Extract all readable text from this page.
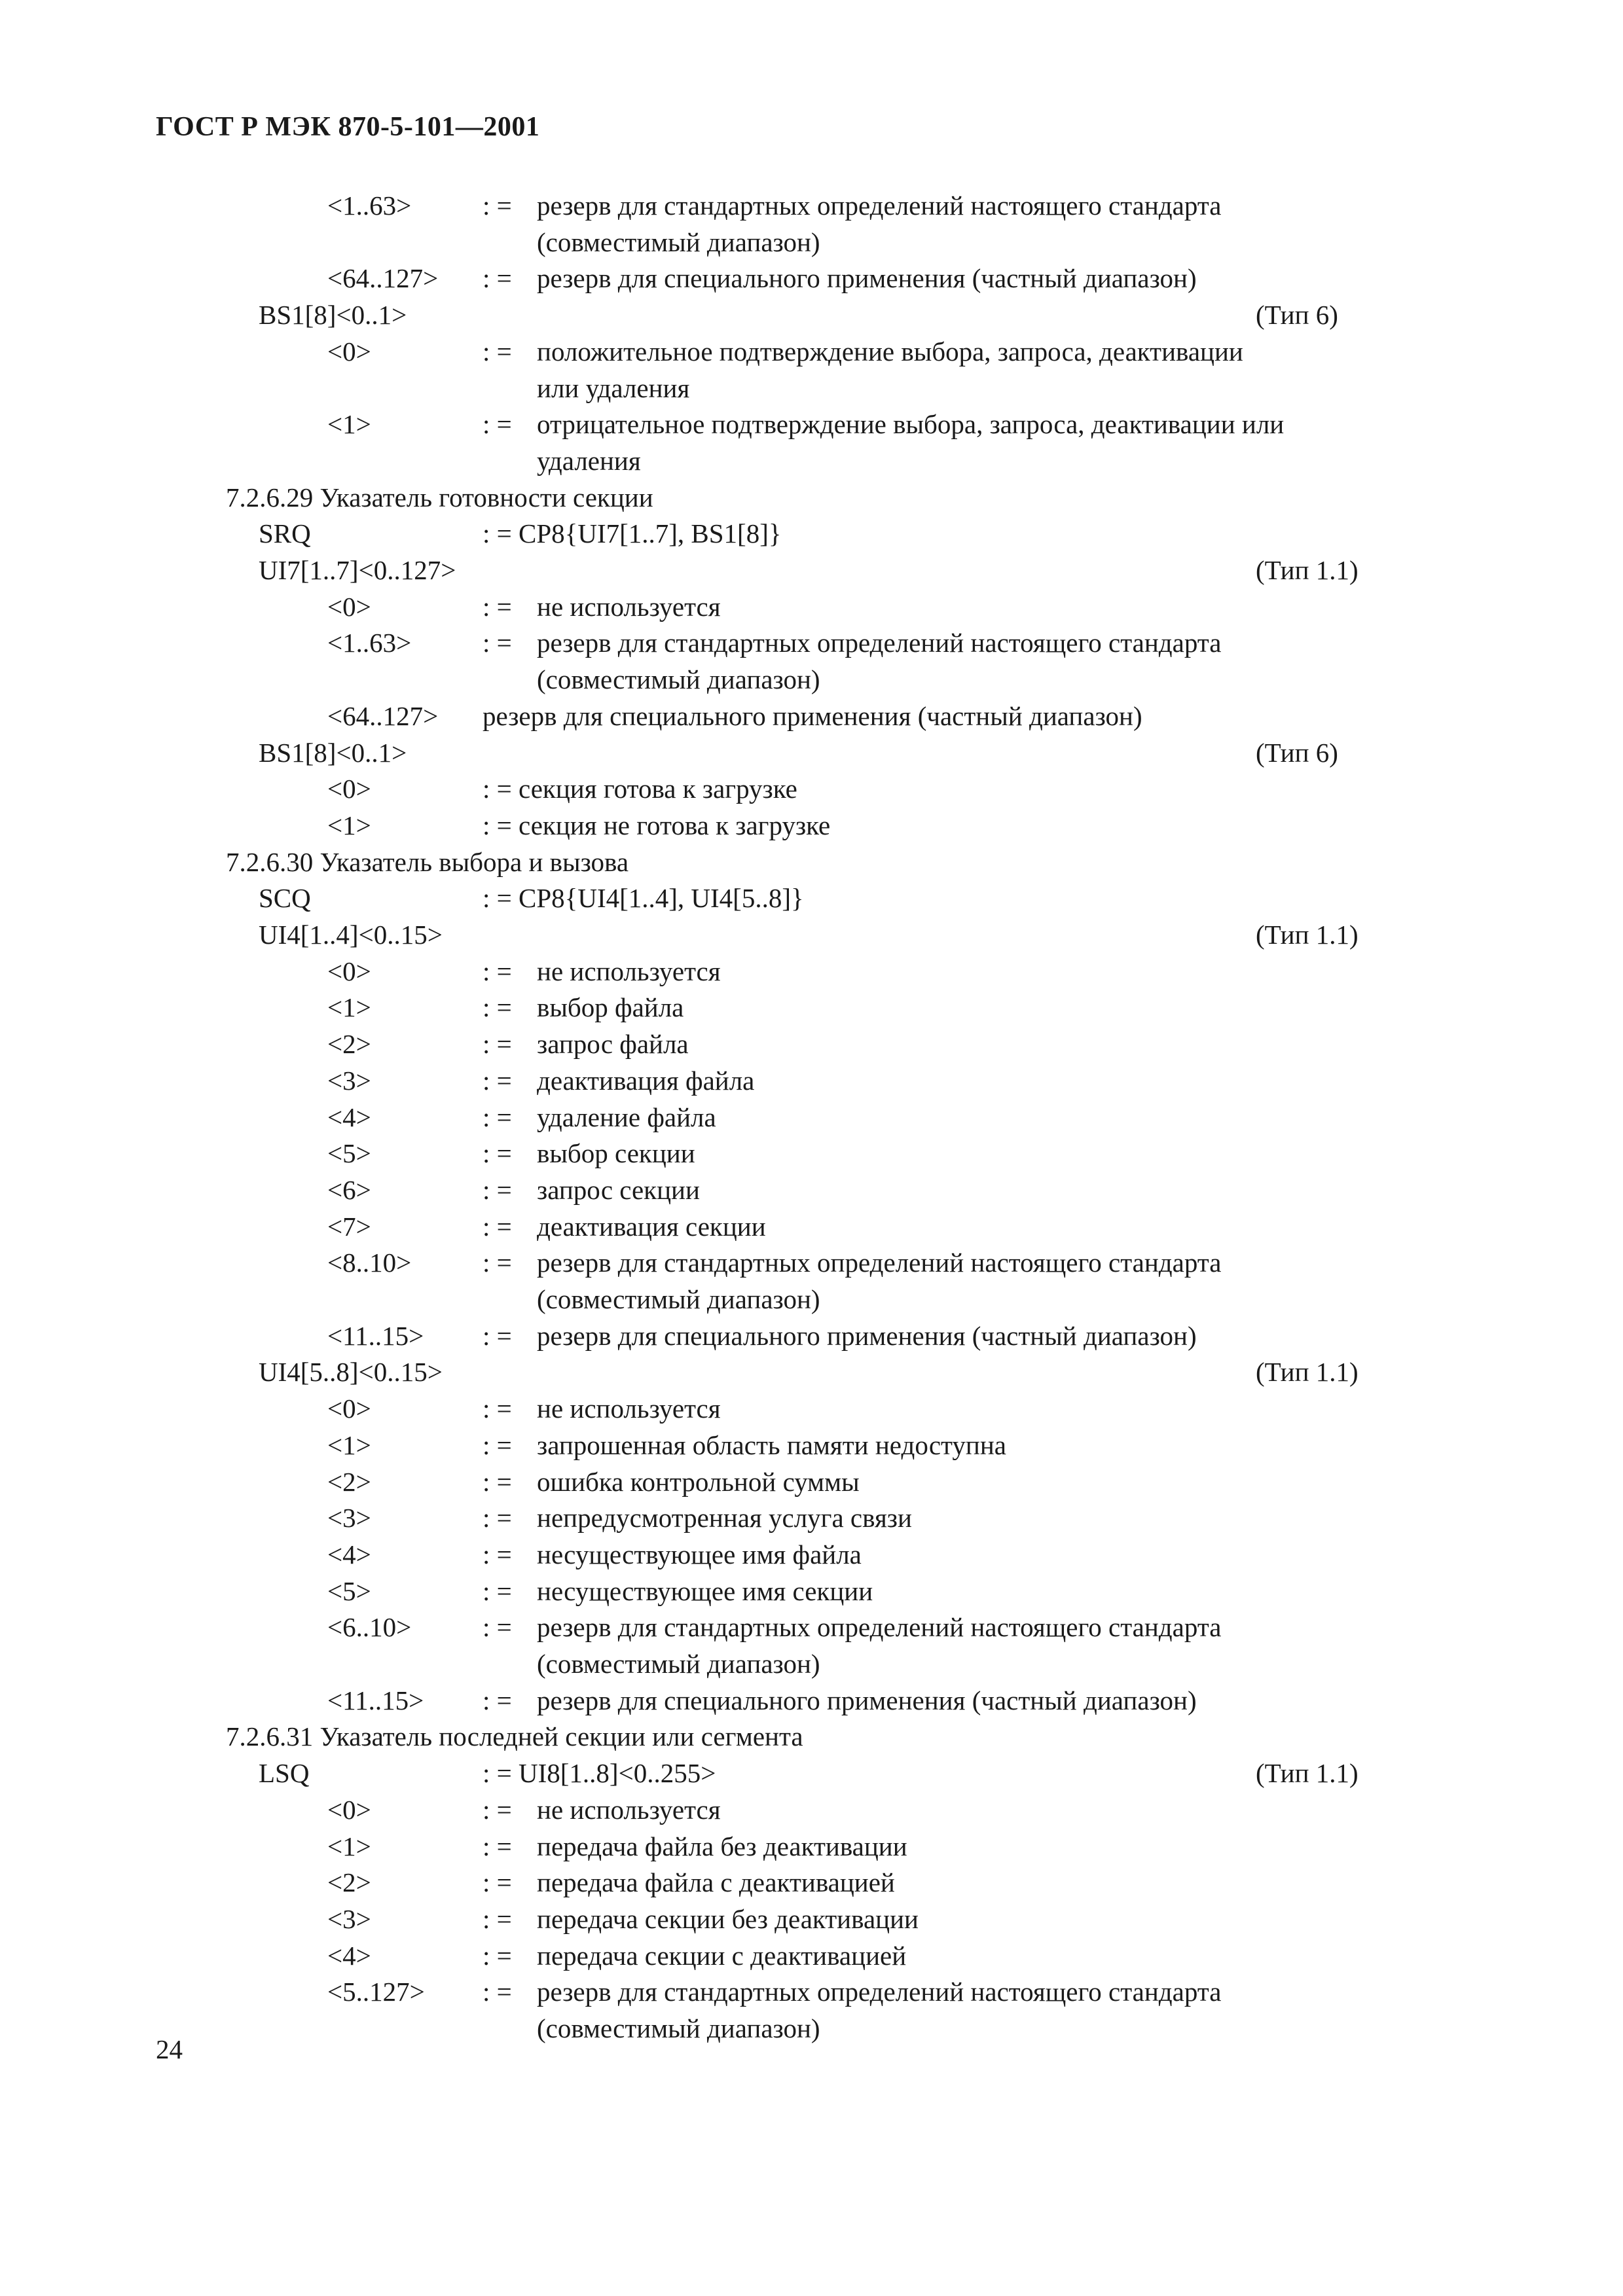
ГОСТ Р МЭК 870-5-101—2001
<1..63>	: = резерв для стандартных определений настоящего стандарта
(совместимый диапазон)
<64..127> : = резерв для специального применения (частный диапазон)
BS1[8]<0..1>	(Тип 6)
<0>	: = положительное подтверждение выбора, запроса, деактивации
или удаления
<1>	: = отрицательное подтверждение выбора, запроса, деактивации или
удаления
7.2.6.29 Указатель готовности секции
SRQ	: = CP8{UI7[1..7], BS1[8]}
UI7[1..7]<0..127>	(Тип 1.1)
<0>	: = не используется
<1..63>	: = резерв для стандартных определений настоящего стандарта
(совместимый диапазон)
<64..127> резерв для специального применения (частный диапазон)
BS1[8]<0..1>	(Тип 6)
<0>	: = секция готова к загрузке
<1>	: = секция не готова к загрузке
7.2.6.30 Указатель выбора и вызова
SCQ	: = CP8{UI4[1..4], UI4[5..8]}
UI4[1..4]<0..15>	(Тип 1.1)
<0>	: = не используется
<1>	: = выбор файла
<2>	: = запрос файла
<3>	: = деактивация файла
<4>	: = удаление файла
<5>	: = выбор секции
<6>	: = запрос секции
<7>	: = деактивация секции
<8..10>	: = резерв для стандартных определений настоящего стандарта
(совместимый диапазон)
<11..15> : = резерв для специального применения (частный диапазон)
UI4[5..8]<0..15>	(Тип 1.1)
<0>	: = не используется
<1>	: = запрошенная область памяти недоступна
<2>	: = ошибка контрольной суммы
<3>	: = непредусмотренная услуга связи
<4>	: = несуществующее имя файла
<5>	: = несуществующее имя секции
<6..10>	: = резерв для стандартных определений настоящего стандарта
(совместимый диапазон)
<11..15> : = резерв для специального применения (частный диапазон)
7.2.6.31 Указатель последней секции или сегмента
LSQ	: = UI8[1..8]<0..255>	(Тип 1.1)
<0>	: = не используется
<1>	: = передача файла без деактивации
<2>	: = передача файла с деактивацией
<3>	: = передача секции без деактивации
<4>	: = передача секции с деактивацией
<5..127> : = резерв для стандартных определений настоящего стандарта
(совместимый диапазон)
24
